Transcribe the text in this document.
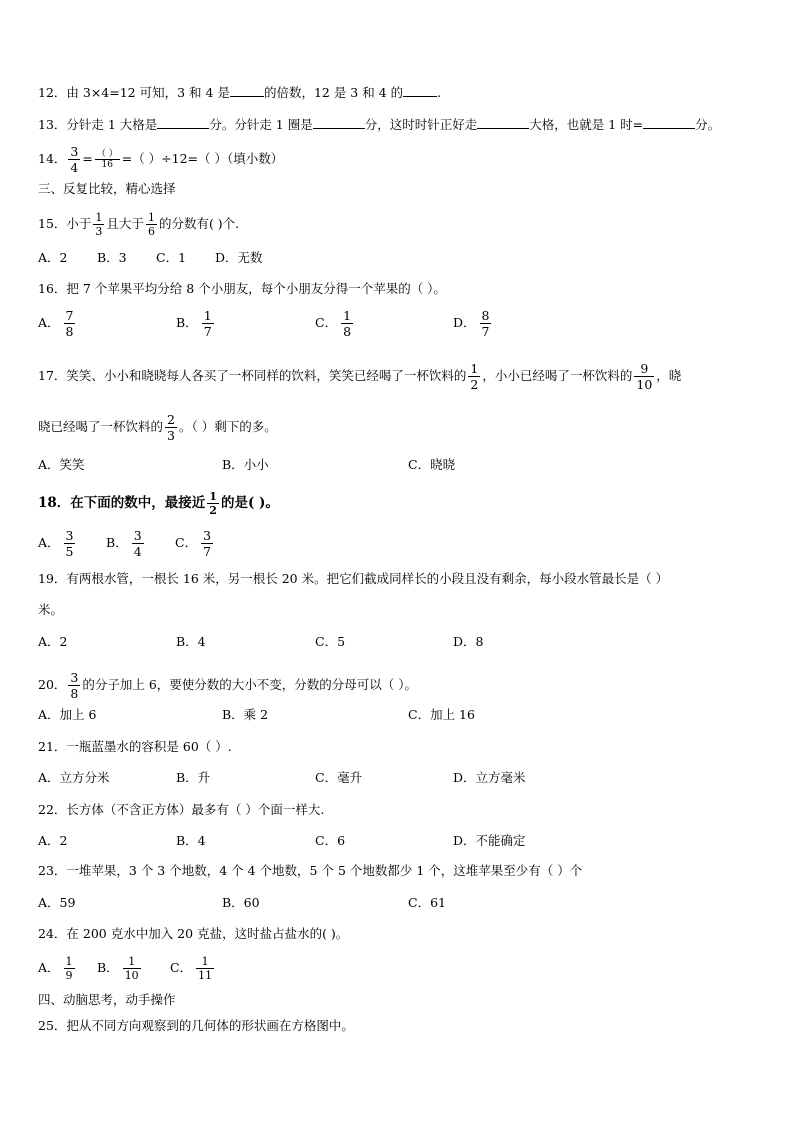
12．由 3×4=12 可知，3 和 4 是	的倍数，12 是 3 和 4 的	.
13．分针走 1 大格是	分。分针走 1 圈是	分，这时时针正好走	大格，也就是 1 时=	分。
14． $\frac{3}{4} = \frac{( )}{16}$ =（ ）÷12=（ ）（填小数）
三、反复比较，精心选择
15．小于 $\frac{1}{3}$ 且大于 $\frac{1}{6}$ 的分数有( )个.
A．2 B．3 C．1 D．无数
16．把 7 个苹果平均分给 8 个小朋友，每个小朋友分得一个苹果的（ ）。
A． $\frac{7}{8}$	B． $\frac{1}{7}$	C． $\frac{1}{8}$	D． $\frac{8}{7}$
17．笑笑、小小和晓晓每人各买了一杯同样的饮料，笑笑已经喝了一杯饮料的 $\frac{1}{2}$ ，小小已经喝了一杯饮料的 $\frac{9}{10}$ ，晓
晓已经喝了一杯饮料的 $\frac{2}{3}$ 。（ ）剩下的多。
A．笑笑	B．小小	C．晓晓
18．在下面的数中，最接近 $\frac{1}{2}$ 的是( )。
A． $\frac{3}{5}$ B． $\frac{3}{4}$	C． $\frac{3}{7}$
19．有两根水管，一根长 16 米，另一根长 20 米。把它们截成同样长的小段且没有剩余，每小段水管最长是（ ）
米。
A．2	B．4	C．5	D．8
20． $\frac{3}{8}$ 的分子加上 6，要使分数的大小不变，分数的分母可以（ ）。
A．加上 6	B．乘 2	C．加上 16
21．一瓶蓝墨水的容积是 60（ ）.
A．立方分米	B．升	C．毫升	D．立方毫米
22．长方体（不含正方体）最多有（ ）个面一样大.
A．2	B．4	C．6	D．不能确定
23．一堆苹果，3 个 3 个地数，4 个 4 个地数，5 个 5 个地数都少 1 个，这堆苹果至少有（ ）个
A．59	B．60	C．61
24．在 200 克水中加入 20 克盐，这时盐占盐水的( )。
A． $\frac{1}{9}$ B． $\frac{1}{10}$ C． $\frac{1}{11}$
四、动脑思考，动手操作
25．把从不同方向观察到的几何体的形状画在方格图中。
